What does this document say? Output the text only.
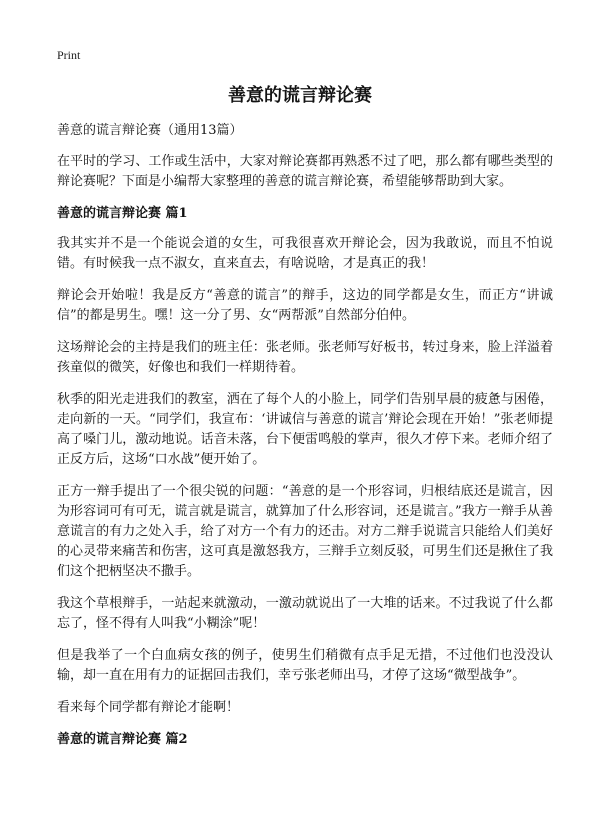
Print
善意的谎言辩论赛

善意的谎言辩论赛（通用13篇）

在平时的学习、工作或生活中，大家对辩论赛都再熟悉不过了吧，那么都有哪些类型的辩论赛呢？下面是小编帮大家整理的善意的谎言辩论赛，希望能够帮助到大家。

善意的谎言辩论赛 篇1

我其实并不是一个能说会道的女生，可我很喜欢开辩论会，因为我敢说，而且不怕说错。有时候我一点不淑女，直来直去，有啥说啥，才是真正的我！

辩论会开始啦！我是反方“善意的谎言”的辩手，这边的同学都是女生，而正方“讲诚信”的都是男生。嘿！这一分了男、女“两帮派”自然部分伯仲。

这场辩论会的主持是我们的班主任：张老师。张老师写好板书，转过身来，脸上洋溢着孩童似的微笑，好像也和我们一样期待着。

秋季的阳光走进我们的教室，洒在了每个人的小脸上，同学们告别早晨的疲惫与困倦，走向新的一天。“同学们，我宣布：‘讲诚信与善意的谎言’辩论会现在开始！”张老师提高了嗓门儿，激动地说。话音未落，台下便雷鸣般的掌声，很久才停下来。老师介绍了正反方后，这场“口水战”便开始了。

正方一辩手提出了一个很尖锐的问题：“善意的是一个形容词，归根结底还是谎言，因为形容词可有可无，谎言就是谎言，就算加了什么形容词，还是谎言。”我方一辩手从善意谎言的有力之处入手，给了对方一个有力的还击。对方二辩手说谎言只能给人们美好的心灵带来痛苦和伤害，这可真是激怒我方，三辩手立刻反驳，可男生们还是揪住了我们这个把柄坚决不撒手。

我这个草根辩手，一站起来就激动，一激动就说出了一大堆的话来。不过我说了什么都忘了，怪不得有人叫我“小糊涂”呢！

但是我举了一个白血病女孩的例子，使男生们稍微有点手足无措，不过他们也没没认输，却一直在用有力的证据回击我们，幸亏张老师出马，才停了这场“微型战争”。

看来每个同学都有辩论才能啊！

善意的谎言辩论赛 篇2
